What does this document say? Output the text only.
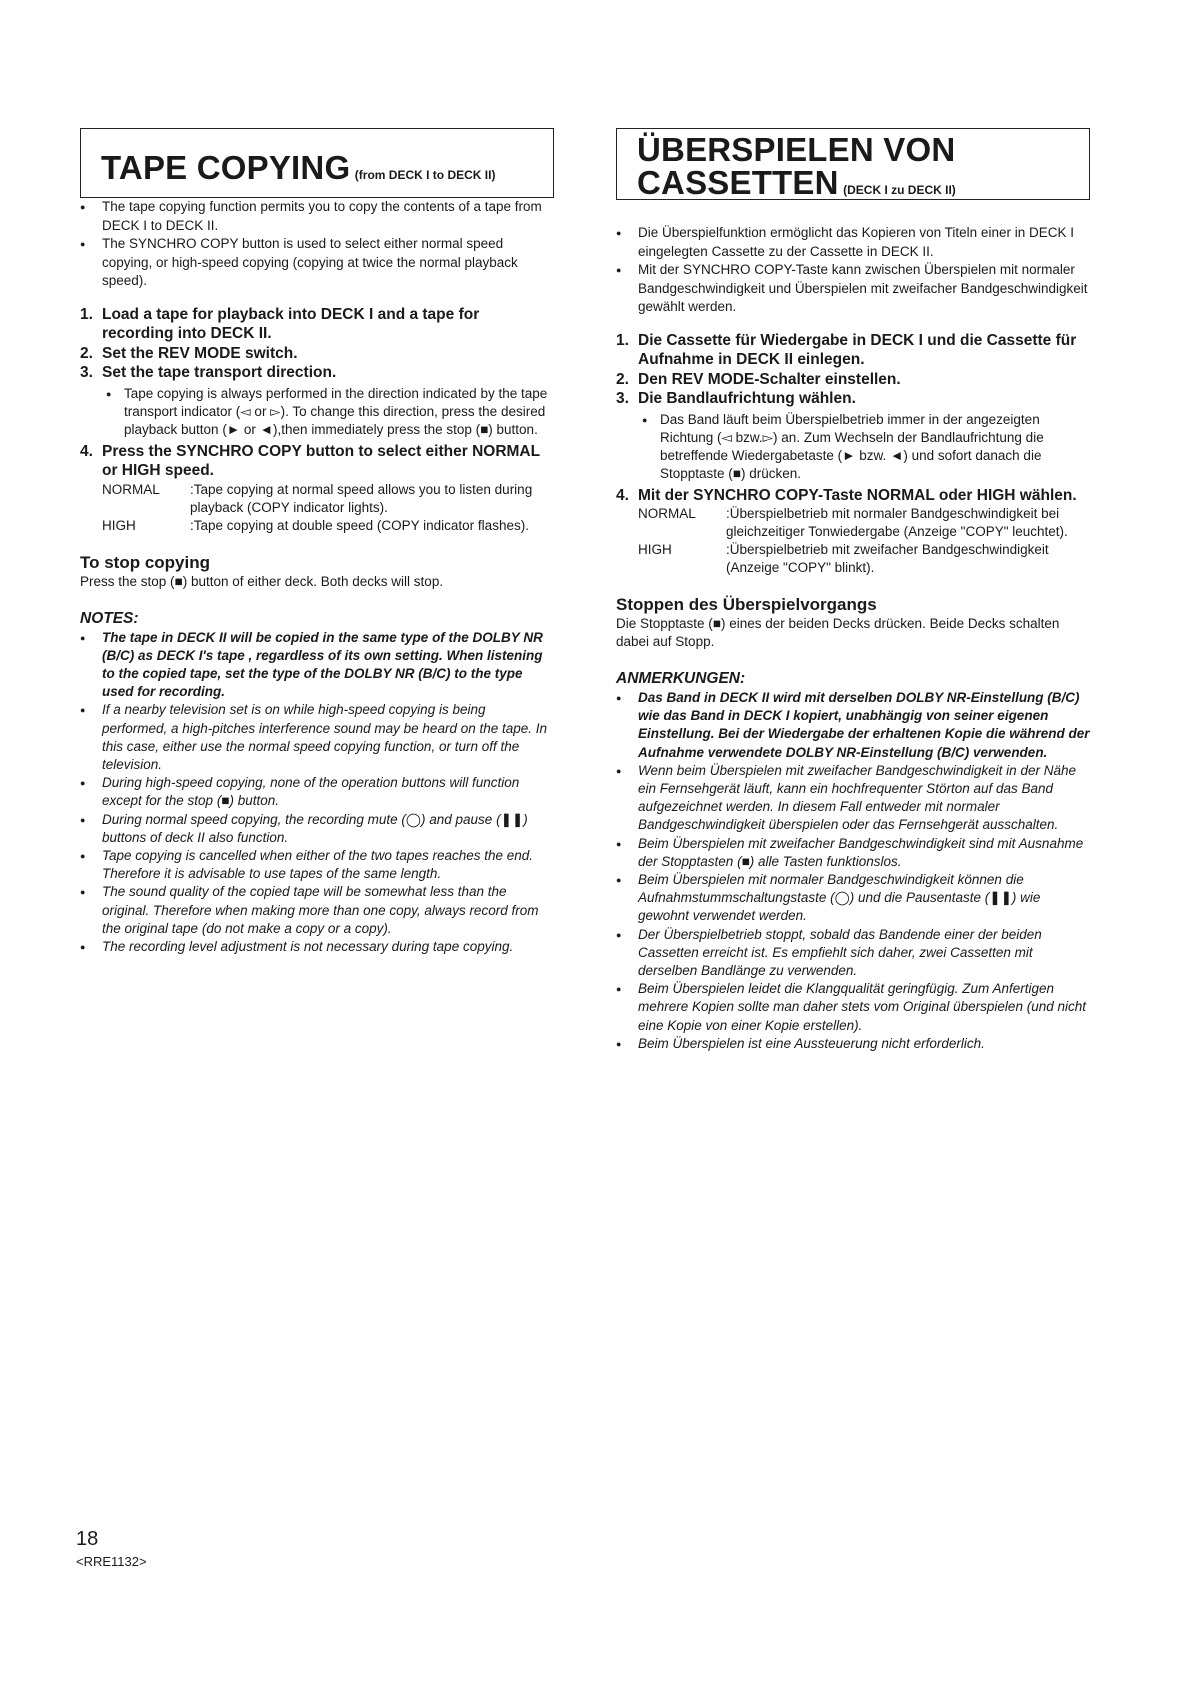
TAPE COPYING (from DECK I to DECK II)
● The tape copying function permits you to copy the contents of a tape from DECK I to DECK II.
● The SYNCHRO COPY button is used to select either normal speed copying, or high-speed copying (copying at twice the normal playback speed).
1. Load a tape for playback into DECK I and a tape for recording into DECK II.
2. Set the REV MODE switch.
3. Set the tape transport direction.
● Tape copying is always performed in the direction indicated by the tape transport indicator (◅ or ▻). To change this direction, press the desired playback button (► or ◄),then immediately press the stop (■) button.
4. Press the SYNCHRO COPY button to select either NORMAL or HIGH speed.
NORMAL	:Tape copying at normal speed allows you to listen during playback (COPY indicator lights).
HIGH	:Tape copying at double speed (COPY indicator flashes).
To stop copying
Press the stop (■) button of either deck. Both decks will stop.
NOTES:
● The tape in DECK II will be copied in the same type of the DOLBY NR (B/C) as DECK I's tape , regardless of its own setting. When listening to the copied tape, set the type of the DOLBY NR (B/C) to the type used for recording.
● If a nearby television set is on while high-speed copying is being performed, a high-pitches interference sound may be heard on the tape. In this case, either use the normal speed copying function, or turn off the television.
● During high-speed copying, none of the operation buttons will function except for the stop (■) button.
● During normal speed copying, the recording mute (◯) and pause (❚❚) buttons of deck II also function.
● Tape copying is cancelled when either of the two tapes reaches the end. Therefore it is advisable to use tapes of the same length.
● The sound quality of the copied tape will be somewhat less than the original. Therefore when making more than one copy, always record from the original tape (do not make a copy or a copy).
● The recording level adjustment is not necessary during tape copying.
ÜBERSPIELEN VON
CASSETTEN (DECK I zu DECK II)
● Die Überspielfunktion ermöglicht das Kopieren von Titeln einer in DECK I eingelegten Cassette zu der Cassette in DECK II.
● Mit der SYNCHRO COPY-Taste kann zwischen Überspielen mit normaler Bandgeschwindigkeit und Überspielen mit zweifacher Bandgeschwindigkeit gewählt werden.
1. Die Cassette für Wiedergabe in DECK I und die Cassette für Aufnahme in DECK II einlegen.
2. Den REV MODE-Schalter einstellen.
3. Die Bandlaufrichtung wählen.
● Das Band läuft beim Überspielbetrieb immer in der angezeigten Richtung (◅ bzw.▻) an. Zum Wechseln der Bandlaufrichtung die betreffende Wiedergabetaste (► bzw. ◄) und sofort danach die Stopptaste (■) drücken.
4. Mit der SYNCHRO COPY-Taste NORMAL oder HIGH wählen.
NORMAL	:Überspielbetrieb mit normaler Bandgeschwindigkeit bei gleichzeitiger Tonwiedergabe (Anzeige "COPY" leuchtet).
HIGH	:Überspielbetrieb mit zweifacher Bandgeschwindigkeit (Anzeige "COPY" blinkt).
Stoppen des Überspielvorgangs
Die Stopptaste (■) eines der beiden Decks drücken. Beide Decks schalten dabei auf Stopp.
ANMERKUNGEN:
● Das Band in DECK II wird mit derselben DOLBY NR-Einstellung (B/C) wie das Band in DECK I kopiert, unabhängig von seiner eigenen Einstellung. Bei der Wiedergabe der erhaltenen Kopie die während der Aufnahme verwendete DOLBY NR-Einstellung (B/C) verwenden.
● Wenn beim Überspielen mit zweifacher Bandgeschwindigkeit in der Nähe ein Fernsehgerät läuft, kann ein hochfrequenter Störton auf das Band aufgezeichnet werden. In diesem Fall entweder mit normaler Bandgeschwindigkeit überspielen oder das Fernsehgerät ausschalten.
● Beim Überspielen mit zweifacher Bandgeschwindigkeit sind mit Ausnahme der Stopptasten (■) alle Tasten funktionslos.
● Beim Überspielen mit normaler Bandgeschwindigkeit können die Aufnahmstummschaltungstaste (◯) und die Pausentaste (❚❚) wie gewohnt verwendet werden.
● Der Überspielbetrieb stoppt, sobald das Bandende einer der beiden Cassetten erreicht ist. Es empfiehlt sich daher, zwei Cassetten mit derselben Bandlänge zu verwenden.
● Beim Überspielen leidet die Klangqualität geringfügig. Zum Anfertigen mehrere Kopien sollte man daher stets vom Original überspielen (und nicht eine Kopie von einer Kopie erstellen).
● Beim Überspielen ist eine Aussteuerung nicht erforderlich.
18
<RRE1132>
